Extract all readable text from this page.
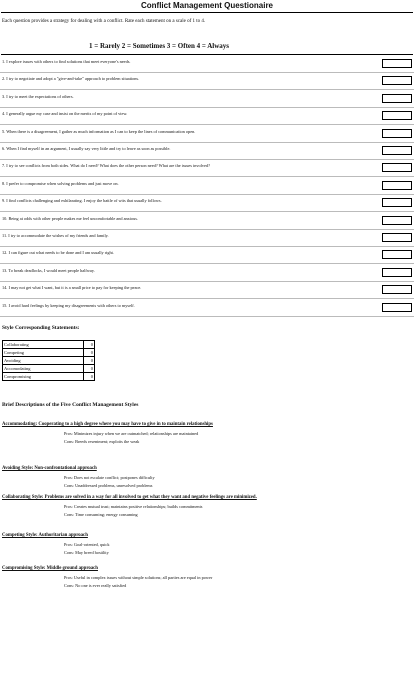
Conflict Management Questionaire
Each question provides a strategy for dealing with a conflict. Rate each statement on a scale of 1 to 4.
1 = Rarely 2 = Sometimes 3 = Often 4 = Always
1. I explore issues with others to find solutions that meet everyone's needs.
2. I try to negotiate and adopt a "give-and-take" approach to problem situations.
3. I try to meet the expectations of others.
4. I generally argue my case and insist on the merits of my point of view.
5. When there is a disagreement, I gather as much information as I can to keep the lines of communication open.
6. When I find myself in an argument, I usually say very little and try to leave as soon as possible.
7. I try to see conflicts from both sides. What do I need? What does the other person need? What are the issues involved?
8. I prefer to compromise when solving problems and just move on.
9. I find conflicts challenging and exhilarating. I enjoy the battle of wits that usually follows.
10. Being at odds with other people makes me feel uncomfortable and anxious.
11. I try to accommodate the wishes of my friends and family.
12. I can figure out what needs to be done and I am usually right.
13. To break deadlocks, I would meet people halfway.
14. I may not get what I want, but it is a small price to pay for keeping the peace.
15. I avoid hard feelings by keeping my disagreements with others to myself.
Style Corresponding Statements:
Collaborating	0
Competing	0
Avoiding	0
Accomodating	0
Compromising	0
Brief Descriptions of the Five Conflict Management Styles
Accommodating: Cooperating to a high degree where you may have to give in to maintain relationships
Pros: Minimizes injury when we are outmatched; relationships are maintained
Cons: Breeds resentment; exploits the weak
Avoiding Style: Non-confrontational approach
Pros: Does not escalate conflict; postpones difficulty
Cons: Unaddressed problems, unresolved problems
Collaborating Style: Problems are solved in a way for all involved to get what they want and negative feelings are minimized.
Pros: Creates mutual trust; maintains positive relationships; builds commitments
Cons: Time consuming; energy consuming
Competing Style: Authoritarian approach
Pros: Goal-oriented, quick
Cons: May breed hostility
Compromising Style: Middle ground approach
Pros: Useful in complex issues without simple solutions; all parties are equal in power
Cons: No one is ever really satisfied
